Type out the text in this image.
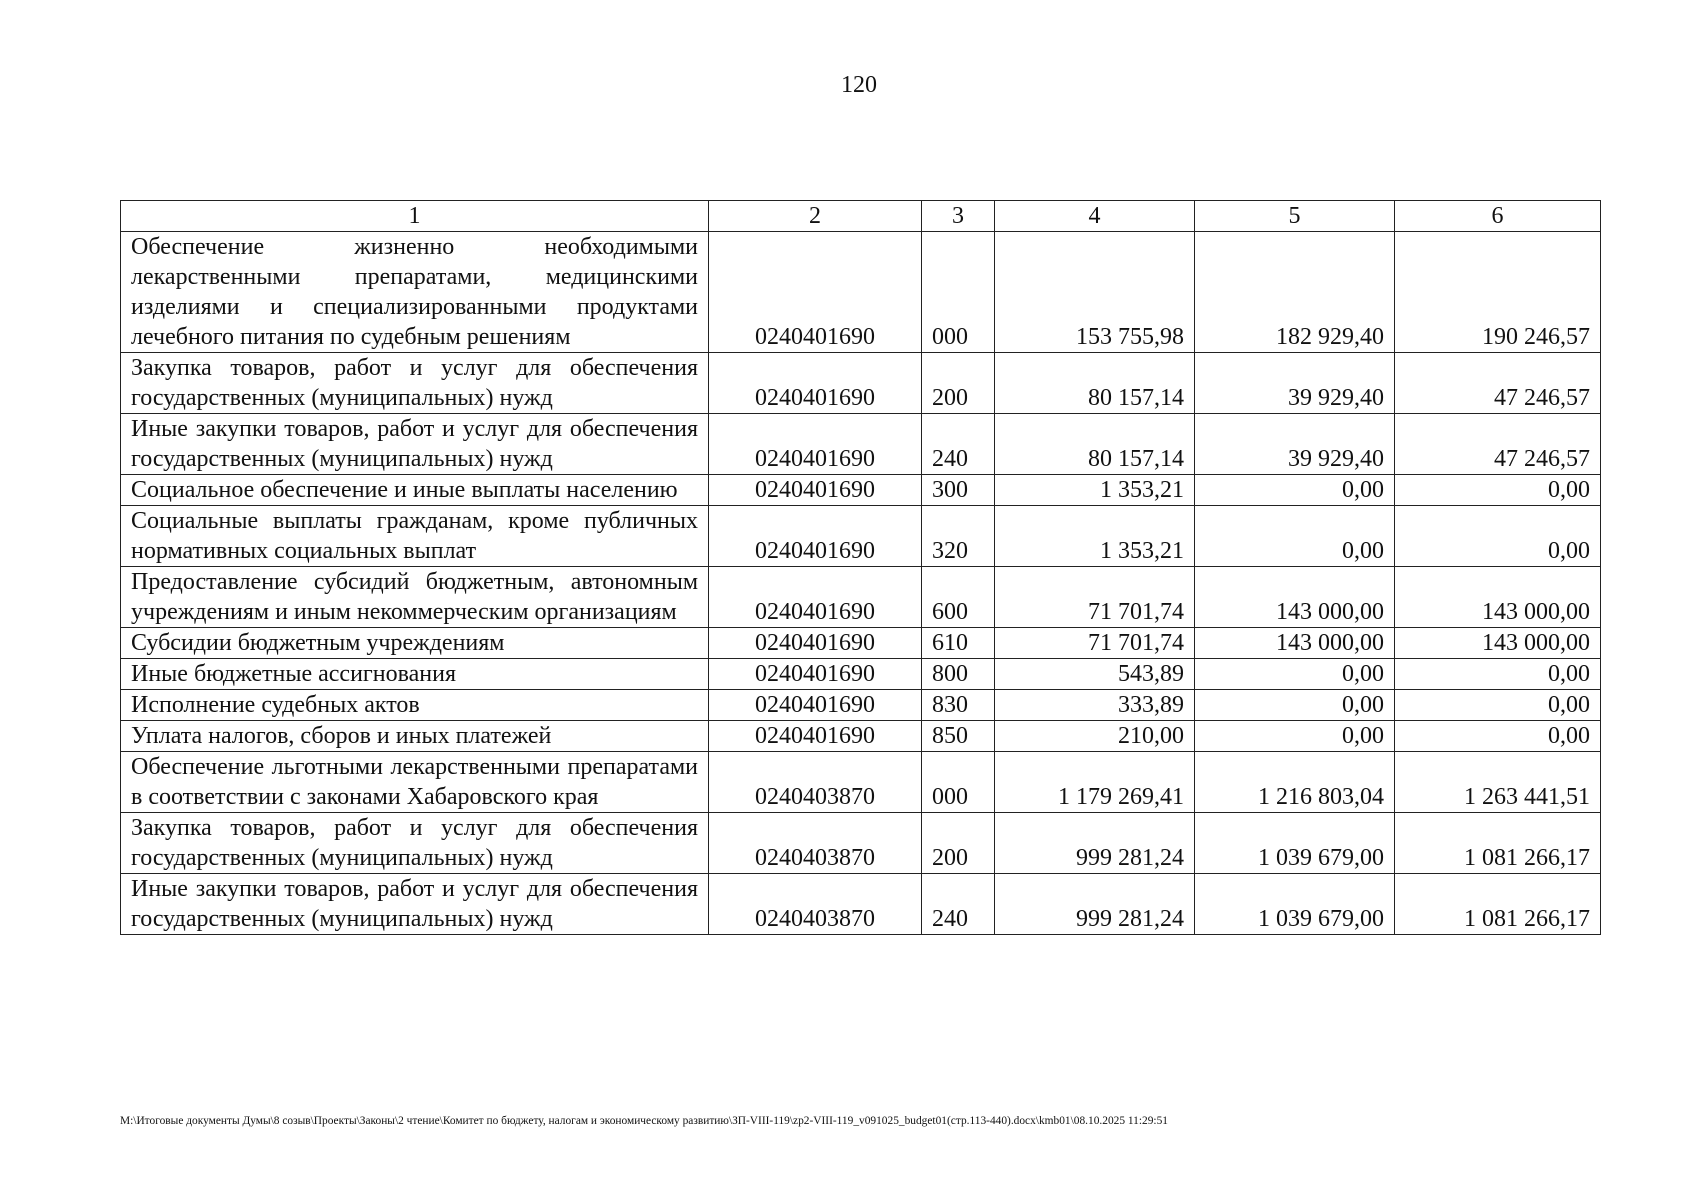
120
1	2	3	4	5	6
Обеспечение жизненно необходимыми лекарственными препаратами, медицинскими изделиями и специализированными продуктами лечебного питания по судебным решениям	0240401690	000	153 755,98	182 929,40	190 246,57
Закупка товаров, работ и услуг для обеспечения государственных (муниципальных) нужд	0240401690	200	80 157,14	39 929,40	47 246,57
Иные закупки товаров, работ и услуг для обеспечения государственных (муниципальных) нужд	0240401690	240	80 157,14	39 929,40	47 246,57
Социальное обеспечение и иные выплаты населению	0240401690	300	1 353,21	0,00	0,00
Социальные выплаты гражданам, кроме публичных нормативных социальных выплат	0240401690	320	1 353,21	0,00	0,00
Предоставление субсидий бюджетным, автономным учреждениям и иным некоммерческим организациям	0240401690	600	71 701,74	143 000,00	143 000,00
Субсидии бюджетным учреждениям	0240401690	610	71 701,74	143 000,00	143 000,00
Иные бюджетные ассигнования	0240401690	800	543,89	0,00	0,00
Исполнение судебных актов	0240401690	830	333,89	0,00	0,00
Уплата налогов, сборов и иных платежей	0240401690	850	210,00	0,00	0,00
Обеспечение льготными лекарственными препаратами в соответствии с законами Хабаровского края	0240403870	000	1 179 269,41	1 216 803,04	1 263 441,51
Закупка товаров, работ и услуг для обеспечения государственных (муниципальных) нужд	0240403870	200	999 281,24	1 039 679,00	1 081 266,17
Иные закупки товаров, работ и услуг для обеспечения государственных (муниципальных) нужд	0240403870	240	999 281,24	1 039 679,00	1 081 266,17
M:\Итоговые документы Думы\8 созыв\Проекты\Законы\2 чтение\Комитет по бюджету, налогам и экономическому развитию\ЗП-VIII-119\zp2-VIII-119_v091025_budget01(стр.113-440).docx\kmb01\08.10.2025 11:29:51
